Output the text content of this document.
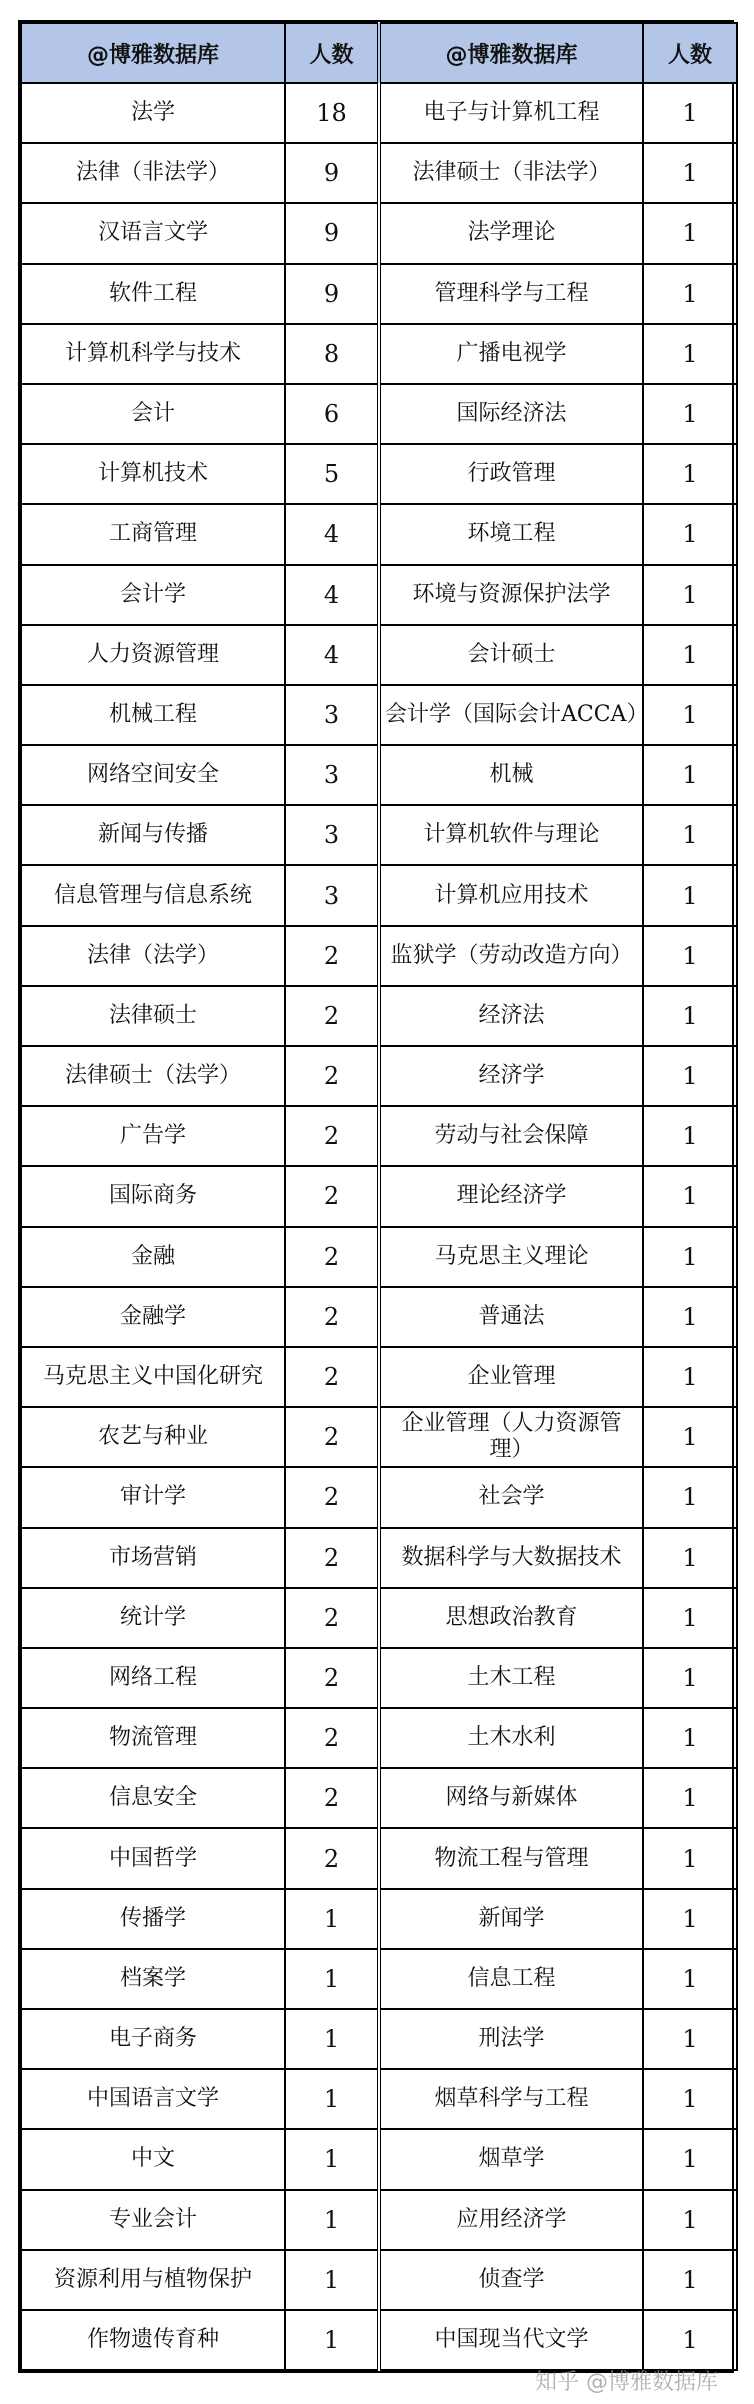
@博雅数据库	人数	@博雅数据库	人数
法学	18	电子与计算机工程	1
法律（非法学）	9	法律硕士（非法学）	1
汉语言文学	9	法学理论	1
软件工程	9	管理科学与工程	1
计算机科学与技术	8	广播电视学	1
会计	6	国际经济法	1
计算机技术	5	行政管理	1
工商管理	4	环境工程	1
会计学	4	环境与资源保护法学	1
人力资源管理	4	会计硕士	1
机械工程	3	会计学（国际会计ACCA）	1
网络空间安全	3	机械	1
新闻与传播	3	计算机软件与理论	1
信息管理与信息系统	3	计算机应用技术	1
法律（法学）	2	监狱学（劳动改造方向）	1
法律硕士	2	经济法	1
法律硕士（法学）	2	经济学	1
广告学	2	劳动与社会保障	1
国际商务	2	理论经济学	1
金融	2	马克思主义理论	1
金融学	2	普通法	1
马克思主义中国化研究	2	企业管理	1
农艺与种业	2	企业管理（人力资源管理）	1
审计学	2	社会学	1
市场营销	2	数据科学与大数据技术	1
统计学	2	思想政治教育	1
网络工程	2	土木工程	1
物流管理	2	土木水利	1
信息安全	2	网络与新媒体	1
中国哲学	2	物流工程与管理	1
传播学	1	新闻学	1
档案学	1	信息工程	1
电子商务	1	刑法学	1
中国语言文学	1	烟草科学与工程	1
中文	1	烟草学	1
专业会计	1	应用经济学	1
资源利用与植物保护	1	侦查学	1
作物遗传育种	1	中国现当代文学	1
知乎 @博雅数据库
